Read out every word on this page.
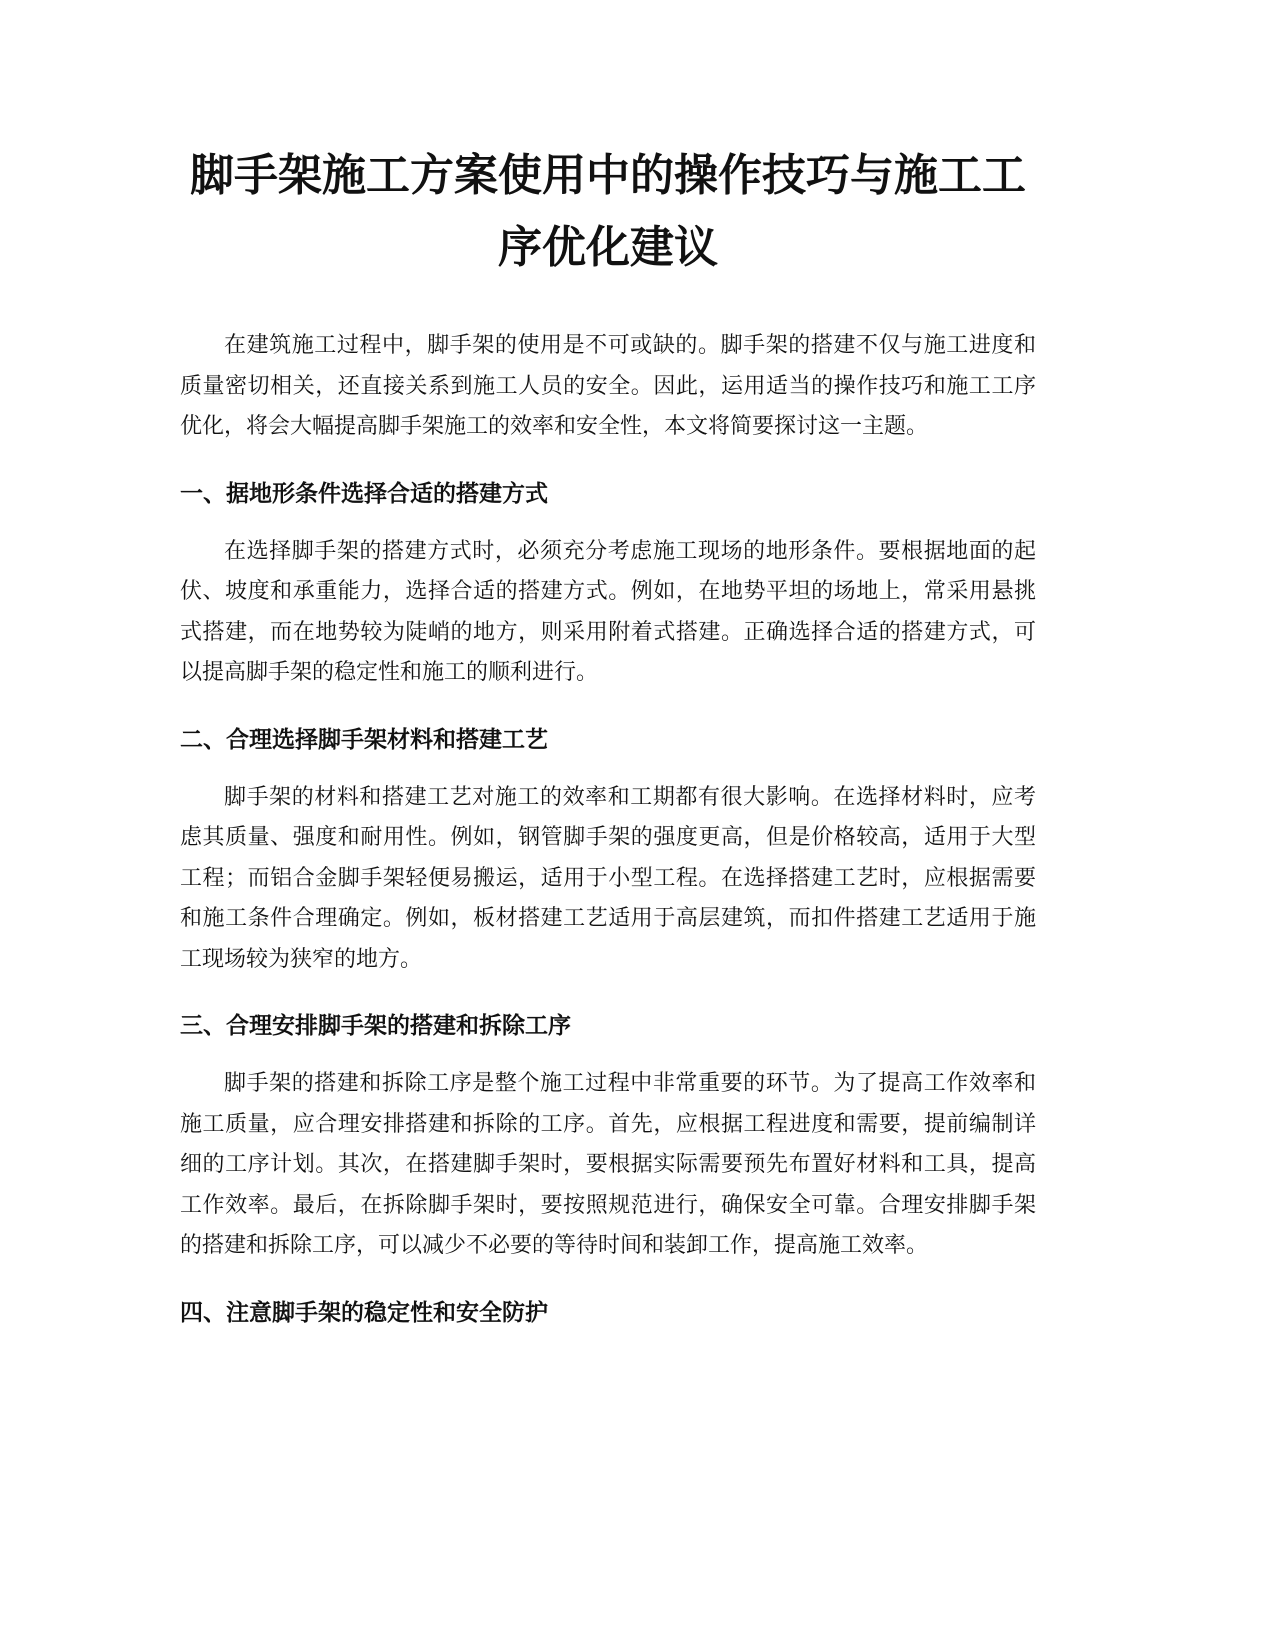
脚手架施工方案使用中的操作技巧与施工工
序优化建议

在建筑施工过程中，脚手架的使用是不可或缺的。脚手架的搭建不仅与施工进度和质量密切相关，还直接关系到施工人员的安全。因此，运用适当的操作技巧和施工工序优化，将会大幅提高脚手架施工的效率和安全性，本文将简要探讨这一主题。

一、据地形条件选择合适的搭建方式

在选择脚手架的搭建方式时，必须充分考虑施工现场的地形条件。要根据地面的起伏、坡度和承重能力，选择合适的搭建方式。例如，在地势平坦的场地上，常采用悬挑式搭建，而在地势较为陡峭的地方，则采用附着式搭建。正确选择合适的搭建方式，可以提高脚手架的稳定性和施工的顺利进行。

二、合理选择脚手架材料和搭建工艺

脚手架的材料和搭建工艺对施工的效率和工期都有很大影响。在选择材料时，应考虑其质量、强度和耐用性。例如，钢管脚手架的强度更高，但是价格较高，适用于大型工程；而铝合金脚手架轻便易搬运，适用于小型工程。在选择搭建工艺时，应根据需要和施工条件合理确定。例如，板材搭建工艺适用于高层建筑，而扣件搭建工艺适用于施工现场较为狭窄的地方。

三、合理安排脚手架的搭建和拆除工序

脚手架的搭建和拆除工序是整个施工过程中非常重要的环节。为了提高工作效率和施工质量，应合理安排搭建和拆除的工序。首先，应根据工程进度和需要，提前编制详细的工序计划。其次，在搭建脚手架时，要根据实际需要预先布置好材料和工具，提高工作效率。最后，在拆除脚手架时，要按照规范进行，确保安全可靠。合理安排脚手架的搭建和拆除工序，可以减少不必要的等待时间和装卸工作，提高施工效率。

四、注意脚手架的稳定性和安全防护
